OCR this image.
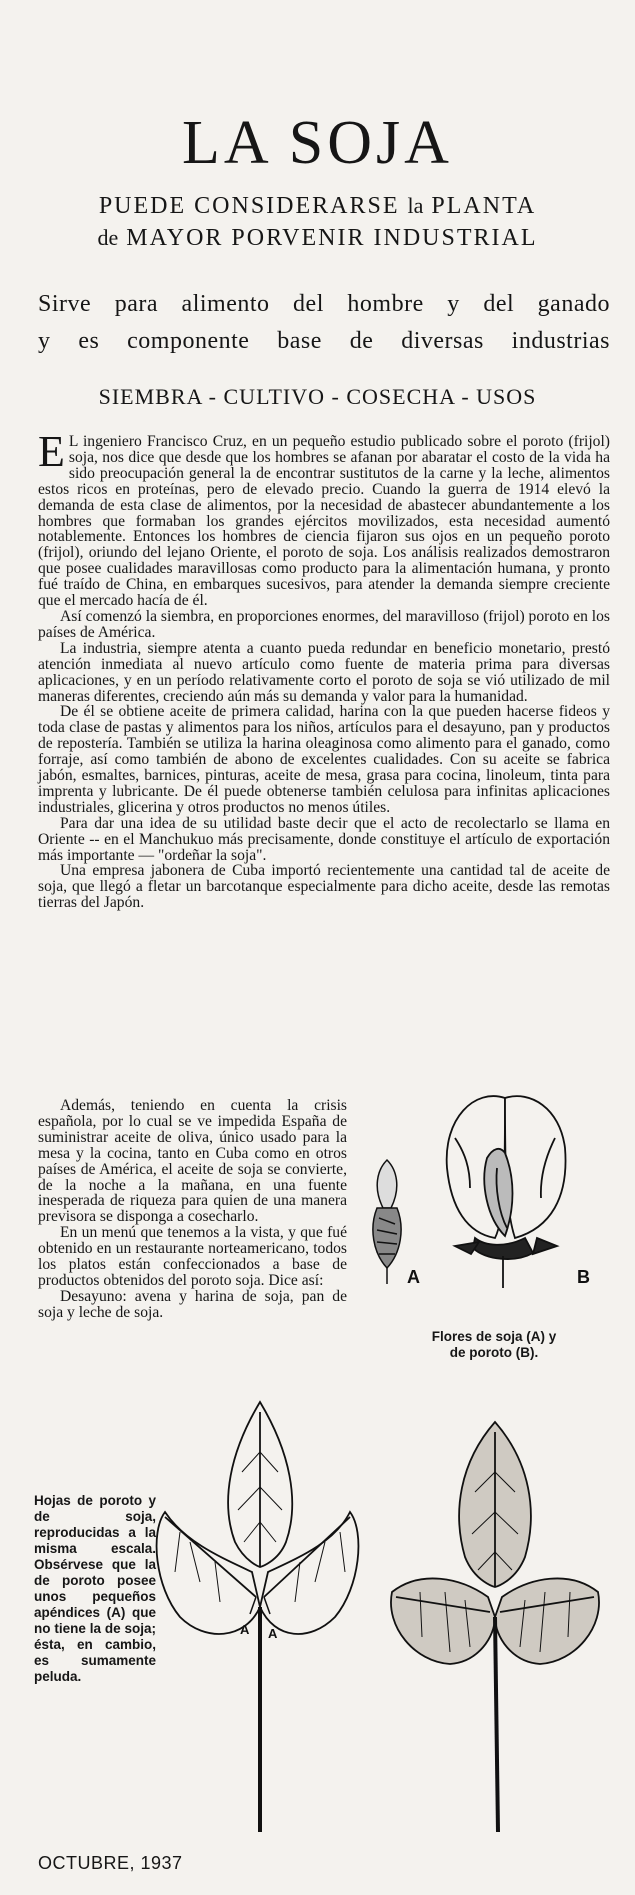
LA SOJA
PUEDE CONSIDERARSE la PLANTA
de MAYOR PORVENIR INDUSTRIAL
Sirve para alimento del hombre y del ganado
y es componente base de diversas industrias
SIEMBRA - CULTIVO - COSECHA - USOS

E L ingeniero Francisco Cruz, en un pequeño estudio publicado sobre el poroto (frijol) soja, nos dice que desde que los hombres se afanan por abaratar el costo de la vida ha sido preocupación general la de encontrar sustitutos de la carne y la leche, alimentos estos ricos en proteínas, pero de elevado precio. Cuando la guerra de 1914 elevó la demanda de esta clase de alimentos, por la necesidad de abastecer abundantemente a los hombres que formaban los grandes ejércitos movilizados, esta necesidad aumentó notablemente. Entonces los hombres de ciencia fijaron sus ojos en un pequeño poroto (frijol), oriundo del lejano Oriente, el poroto de soja. Los análisis realizados demostraron que posee cualidades maravillosas como producto para la alimentación humana, y pronto fué traído de China, en embarques sucesivos, para atender la demanda siempre creciente que el mercado hacía de él.

Así comenzó la siembra, en proporciones enormes, del maravilloso (frijol) poroto en los países de América.

La industria, siempre atenta a cuanto pueda redundar en beneficio monetario, prestó atención inmediata al nuevo artículo como fuente de materia prima para diversas aplicaciones, y en un período relativamente corto el poroto de soja se vió utilizado de mil maneras diferentes, creciendo aún más su demanda y valor para la humanidad.

De él se obtiene aceite de primera calidad, harina con la que pueden hacerse fideos y toda clase de pastas y alimentos para los niños, artículos para el desayuno, pan y productos de repostería. También se utiliza la harina oleaginosa como alimento para el ganado, como forraje, así como también de abono de excelentes cualidades. Con su aceite se fabrica jabón, esmaltes, barnices, pinturas, aceite de mesa, grasa para cocina, linoleum, tinta para imprenta y lubricante. De él puede obtenerse también celulosa para infinitas aplicaciones industriales, glicerina y otros productos no menos útiles.

Para dar una idea de su utilidad baste decir que el acto de recolectarlo se llama en Oriente -- en el Manchukuo más precisamente, donde constituye el artículo de exportación más importante — "ordeñar la soja".

Una empresa jabonera de Cuba importó recientemente una cantidad tal de aceite de soja, que llegó a fletar un barcotanque especialmente para dicho aceite, desde las remotas tierras del Japón.

Además, teniendo en cuenta la crisis española, por lo cual se ve impedida España de suministrar aceite de oliva, único usado para la mesa y la cocina, tanto en Cuba como en otros países de América, el aceite de soja se convierte, de la noche a la mañana, en una fuente inesperada de riqueza para quien de una manera previsora se disponga a cosecharlo.

En un menú que tenemos a la vista, y que fué obtenido en un restaurante norteamericano, todos los platos están confeccionados a base de productos obtenidos del poroto soja. Dice así:

Desayuno: avena y harina de soja, pan de soja y leche de soja.

A	B
Flores de soja (A) y de poroto (B).
A A
Hojas de poroto y de soja, reproducidas a la misma escala. Obsérvese que la de poroto posee unos pequeños apéndices (A) que no tiene la de soja; ésta, en cambio, es sumamente peluda.
OCTUBRE, 1937
